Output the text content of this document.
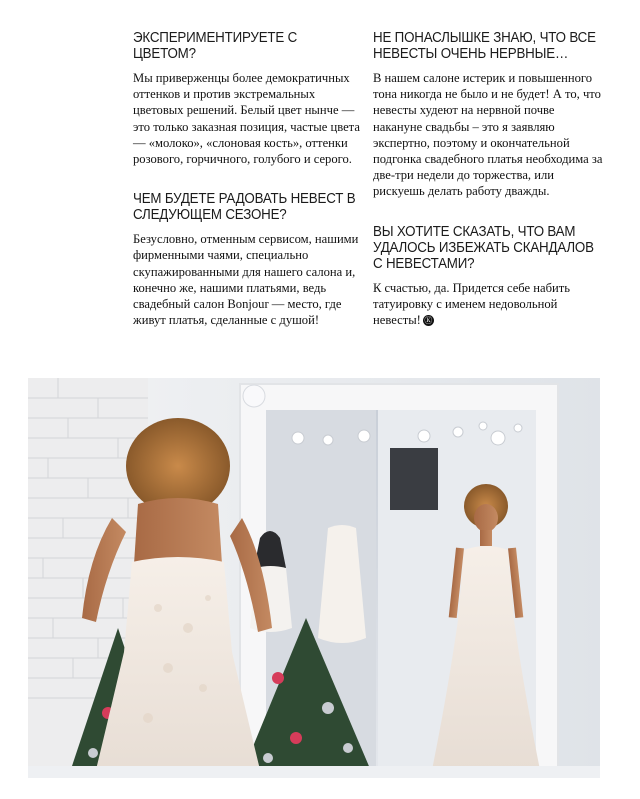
ЭКСПЕРИМЕНТИРУЕТЕ С ЦВЕТОМ?

Мы приверженцы более демократичных оттенков и против экстремальных цветовых решений. Белый цвет нынче — это только заказная позиция, частые цвета — «молоко», «слоновая кость», оттенки розового, горчичного, голубого и серого.

ЧЕМ БУДЕТЕ РАДОВАТЬ НЕВЕСТ В СЛЕДУЮЩЕМ СЕЗОНЕ?

Безусловно, отменным сервисом, нашими фирменными чаями, специально скупажированными для нашего салона и, конечно же, нашими платьями, ведь свадебный салон Bonjour — место, где живут платья, сделанные с душой!

НЕ ПОНАСЛЫШКЕ ЗНАЮ, ЧТО ВСЕ НЕВЕСТЫ ОЧЕНЬ НЕРВНЫЕ…

В нашем салоне истерик и повышенного тона никогда не было и не будет! А то, что невесты худеют на нервной почве накануне свадьбы – это я заявляю экспертно, поэтому и окончательной подгонка свадебного платья необходима за две-три недели до торжества, или рискуешь делать работу дважды.

ВЫ ХОТИТЕ СКАЗАТЬ, ЧТО ВАМ УДАЛОСЬ ИЗБЕЖАТЬ СКАНДАЛОВ С НЕВЕСТАМИ?

К счастью, да. Придется себе набить татуировку с именем недовольной невесты! Ⓚ
